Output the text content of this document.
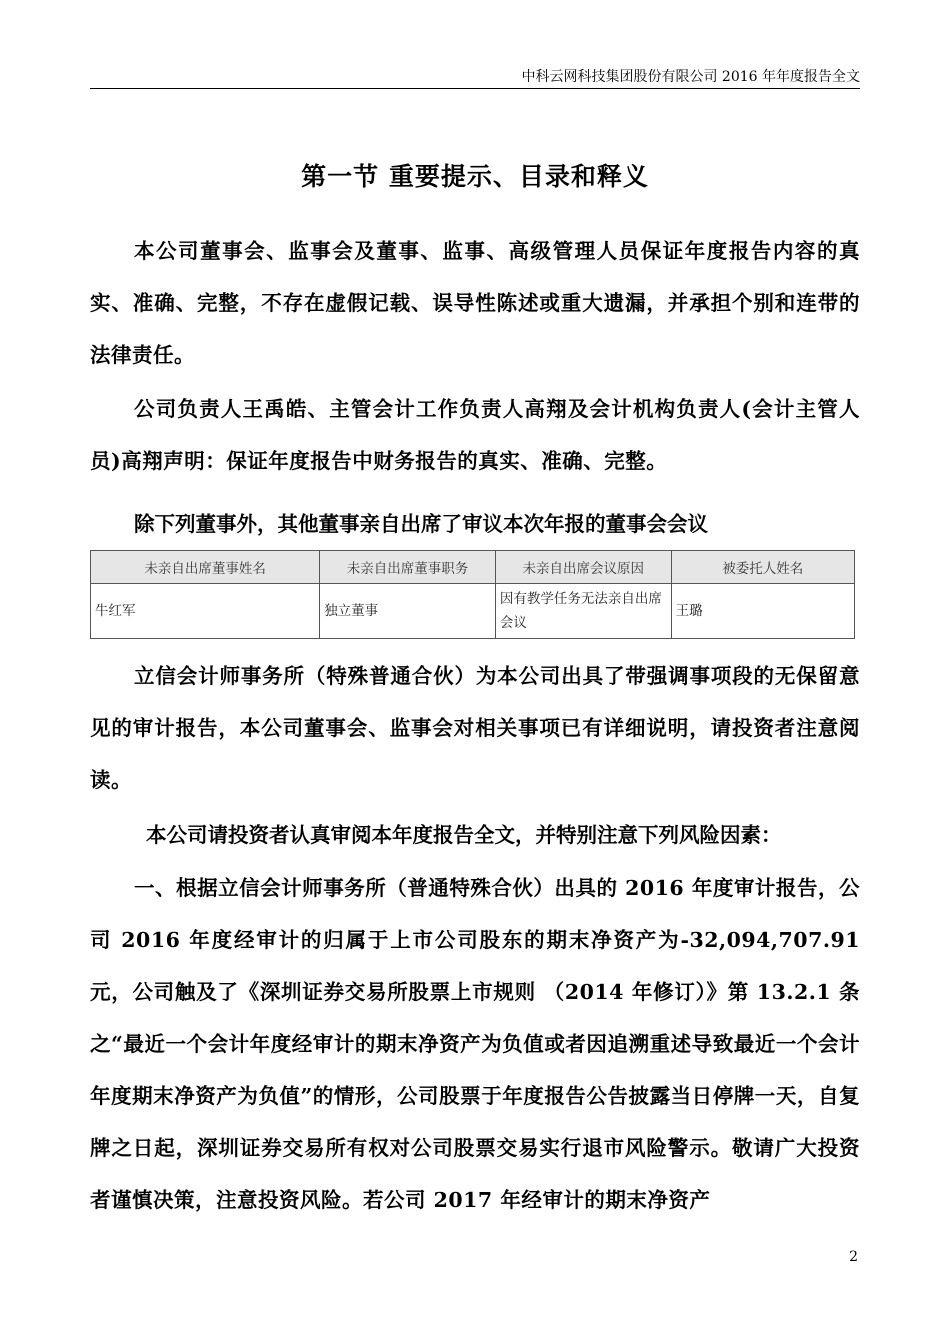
中科云网科技集团股份有限公司 2016 年年度报告全文
第一节 重要提示、目录和释义
本公司董事会、监事会及董事、监事、高级管理人员保证年度报告内容的真实、准确、完整，不存在虚假记载、误导性陈述或重大遗漏，并承担个别和连带的法律责任。
公司负责人王禹皓、主管会计工作负责人高翔及会计机构负责人(会计主管人员)高翔声明：保证年度报告中财务报告的真实、准确、完整。
除下列董事外，其他董事亲自出席了审议本次年报的董事会会议
未亲自出席董事姓名	未亲自出席董事职务	未亲自出席会议原因	被委托人姓名
牛红军	独立董事	因有教学任务无法亲自出席会议	王璐
立信会计师事务所（特殊普通合伙）为本公司出具了带强调事项段的无保留意见的审计报告，本公司董事会、监事会对相关事项已有详细说明，请投资者注意阅读。
本公司请投资者认真审阅本年度报告全文，并特别注意下列风险因素：
一、根据立信会计师事务所（普通特殊合伙）出具的 2016 年度审计报告，公司 2016 年度经审计的归属于上市公司股东的期末净资产为-32,094,707.91 元，公司触及了《深圳证券交易所股票上市规则 （2014 年修订）》第 13.2.1 条之“最近一个会计年度经审计的期末净资产为负值或者因追溯重述导致最近一个会计年度期末净资产为负值”的情形，公司股票于年度报告公告披露当日停牌一天，自复牌之日起，深圳证券交易所有权对公司股票交易实行退市风险警示。敬请广大投资者谨慎决策，注意投资风险。若公司 2017 年经审计的期末净资产
2
